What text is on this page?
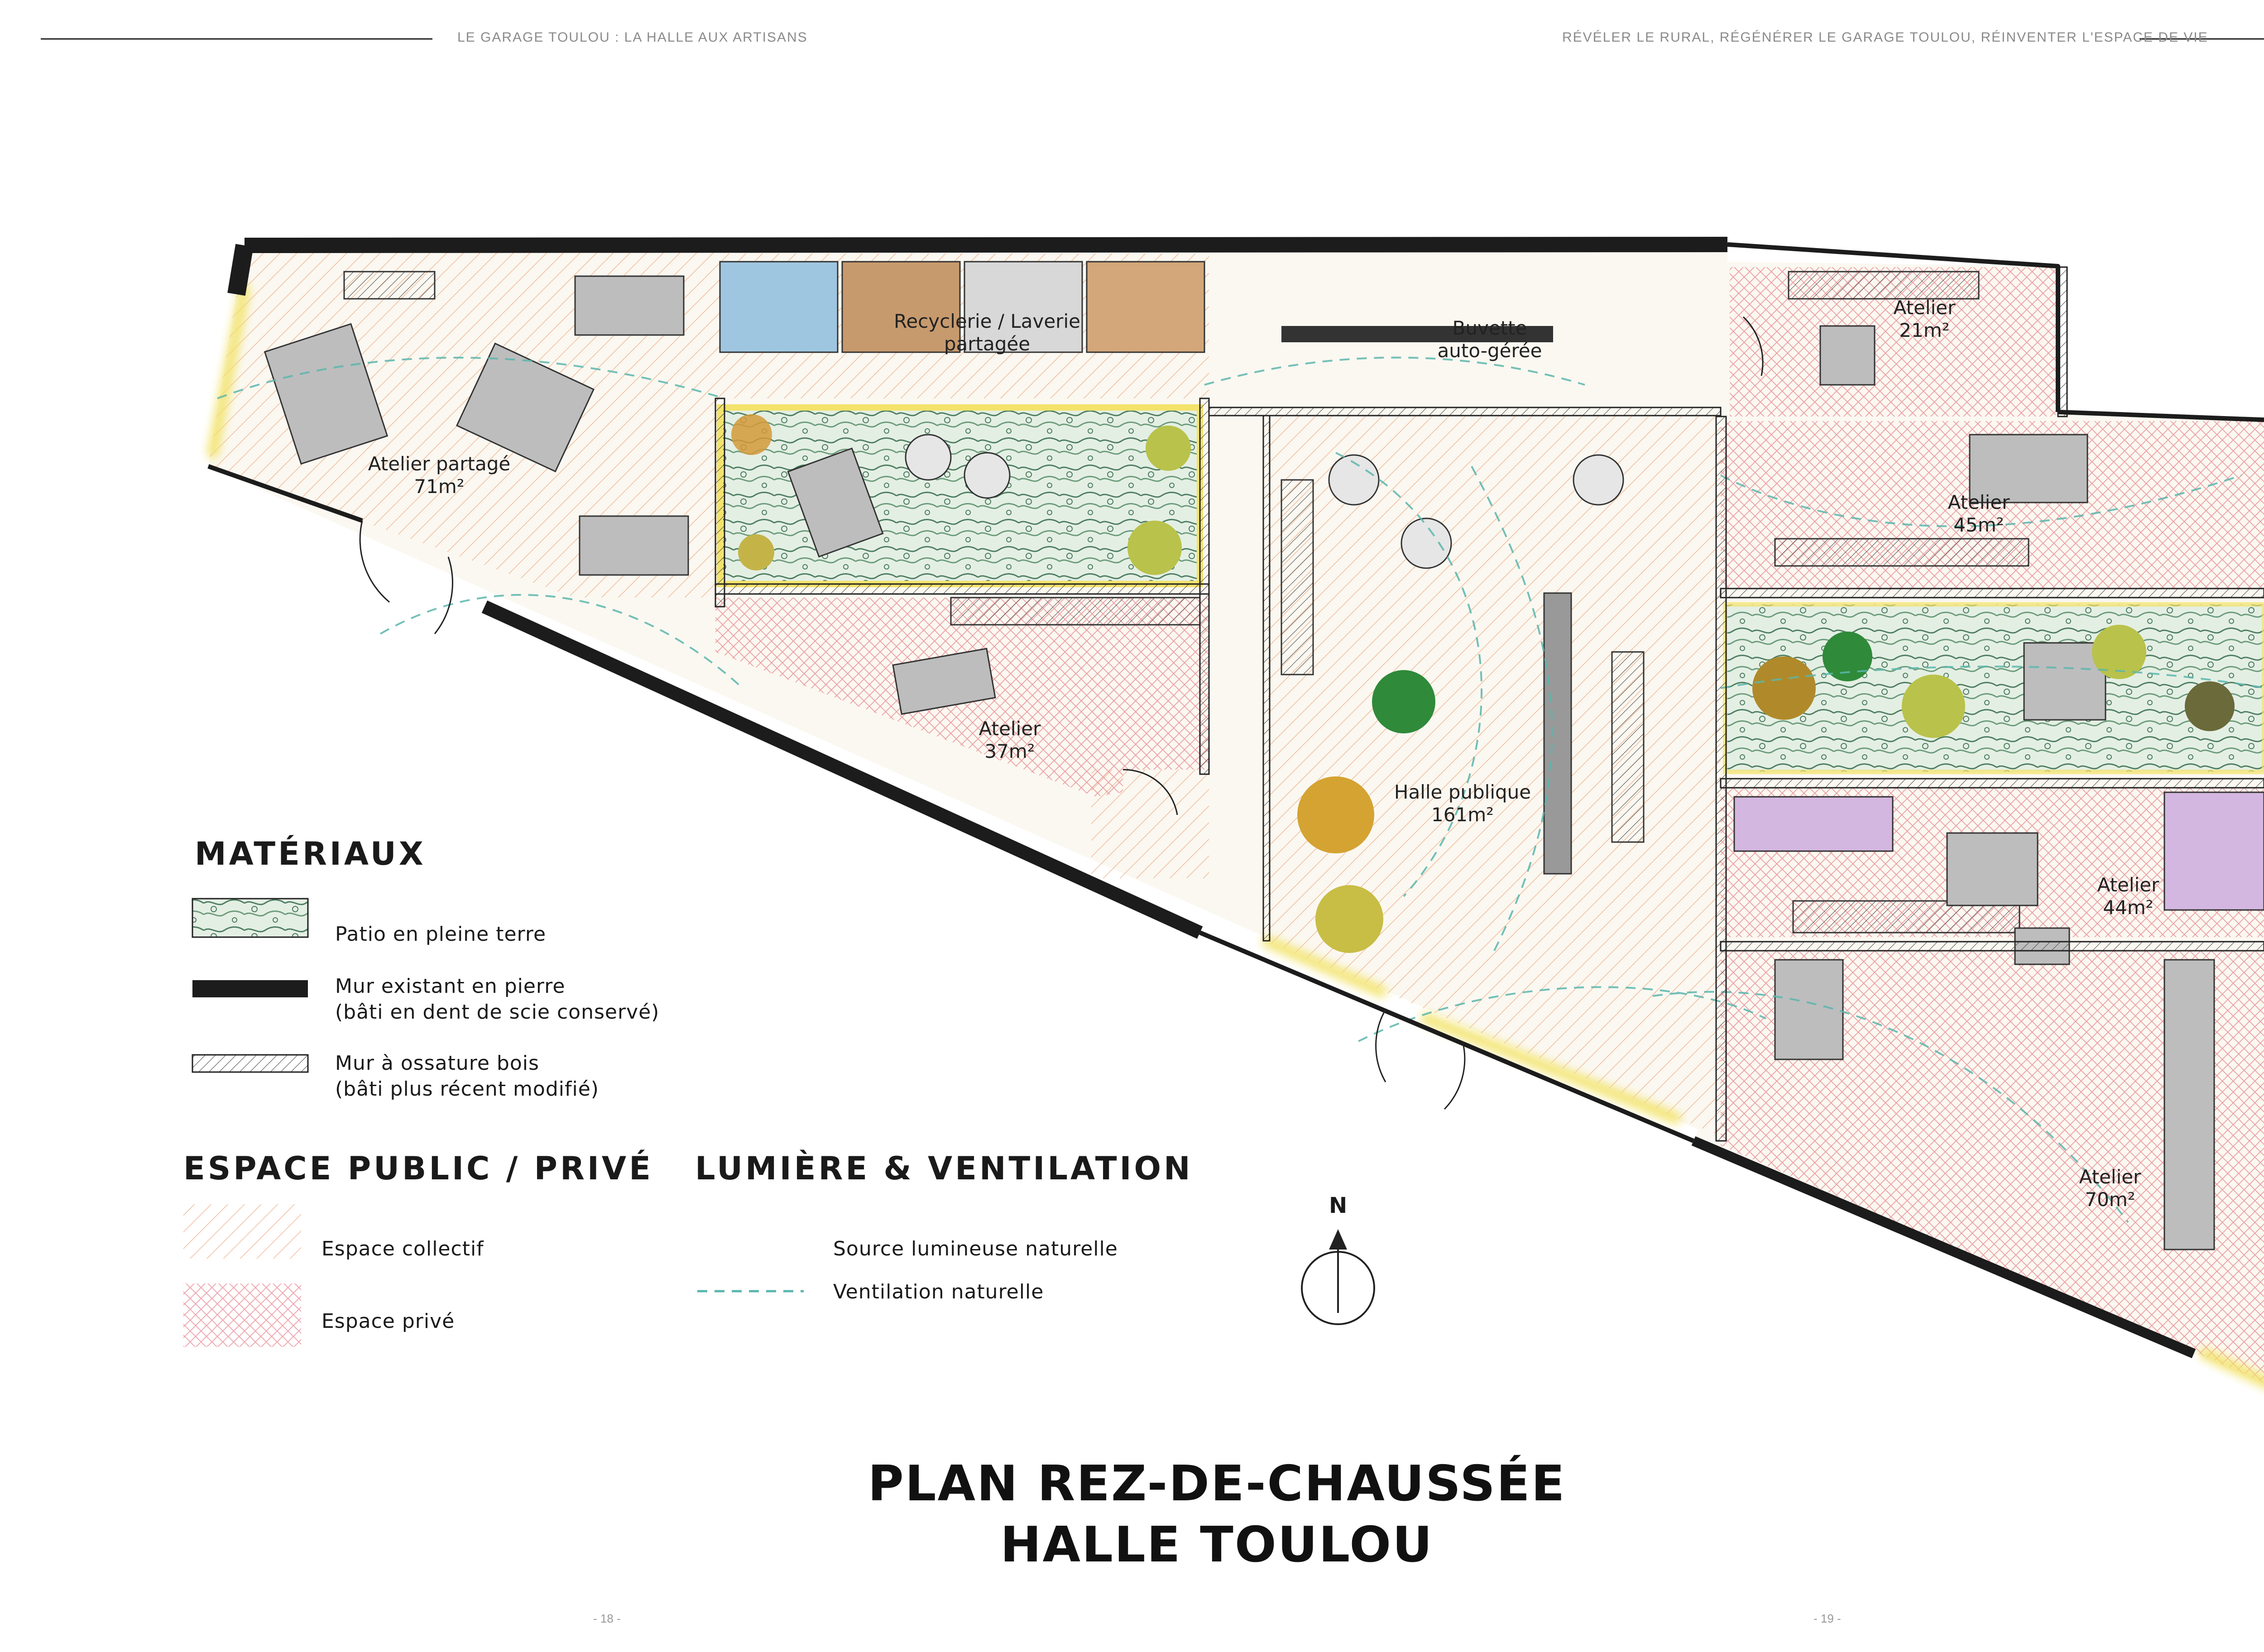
LE GARAGE TOULOU : LA HALLE AUX ARTISANS	RÉVÉLER LE RURAL, RÉGÉNÉRER LE GARAGE TOULOU, RÉINVENTER L'ESPACE DE VIE
Atelier partagé
71m²
Recyclerie / Laverie
partagée
Buvette
auto-gérée
Atelier
21m²
Atelier
45m²
Atelier
37m²
Halle publique
161m²
Atelier
44m²
Atelier
70m²
MATÉRIAUX
Patio en pleine terre
Mur existant en pierre
(bâti en dent de scie conservé)
Mur à ossature bois
(bâti plus récent modifié)
ESPACE PUBLIC / PRIVÉ
Espace collectif
Espace privé
LUMIÈRE & VENTILATION
Source lumineuse naturelle
Ventilation naturelle
N
PLAN REZ-DE-CHAUSSÉE
HALLE TOULOU
- 18 -	- 19 -
